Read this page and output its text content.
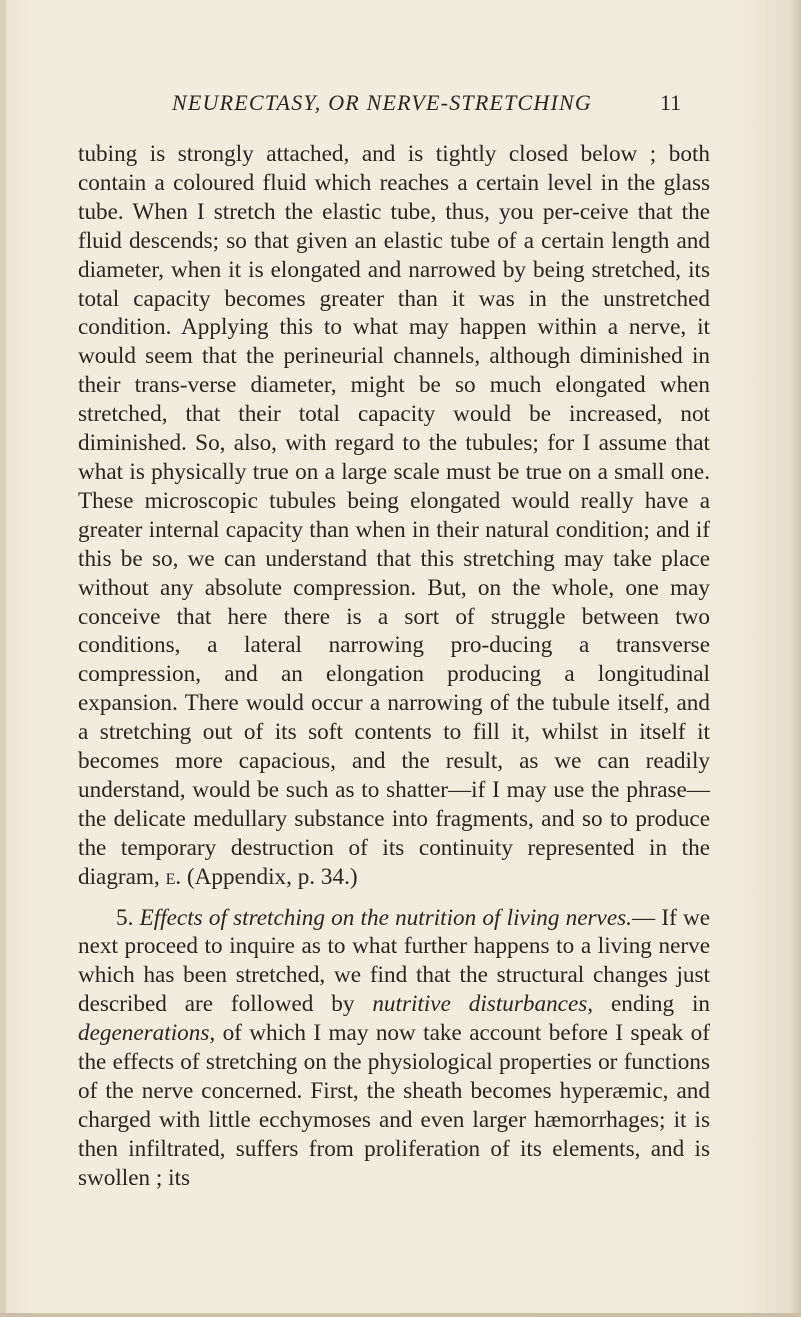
NEURECTASY, OR NERVE-STRETCHING	11

tubing is strongly attached, and is tightly closed below ; both contain a coloured fluid which reaches a certain level in the glass tube. When I stretch the elastic tube, thus, you per-ceive that the fluid descends; so that given an elastic tube of a certain length and diameter, when it is elongated and narrowed by being stretched, its total capacity becomes greater than it was in the unstretched condition. Applying this to what may happen within a nerve, it would seem that the perineurial channels, although diminished in their trans-verse diameter, might be so much elongated when stretched, that their total capacity would be increased, not diminished. So, also, with regard to the tubules; for I assume that what is physically true on a large scale must be true on a small one. These microscopic tubules being elongated would really have a greater internal capacity than when in their natural condition; and if this be so, we can understand that this stretching may take place without any absolute compression. But, on the whole, one may conceive that here there is a sort of struggle between two conditions, a lateral narrowing pro-ducing a transverse compression, and an elongation producing a longitudinal expansion. There would occur a narrowing of the tubule itself, and a stretching out of its soft contents to fill it, whilst in itself it becomes more capacious, and the result, as we can readily understand, would be such as to shatter—if I may use the phrase—the delicate medullary substance into fragments, and so to produce the temporary destruction of its continuity represented in the diagram, e. (Appendix, p. 34.)

5. Effects of stretching on the nutrition of living nerves.— If we next proceed to inquire as to what further happens to a living nerve which has been stretched, we find that the structural changes just described are followed by nutritive disturbances, ending in degenerations, of which I may now take account before I speak of the effects of stretching on the physiological properties or functions of the nerve concerned. First, the sheath becomes hyperæmic, and charged with little ecchymoses and even larger hæmorrhages; it is then infiltrated, suffers from proliferation of its elements, and is swollen ; its
